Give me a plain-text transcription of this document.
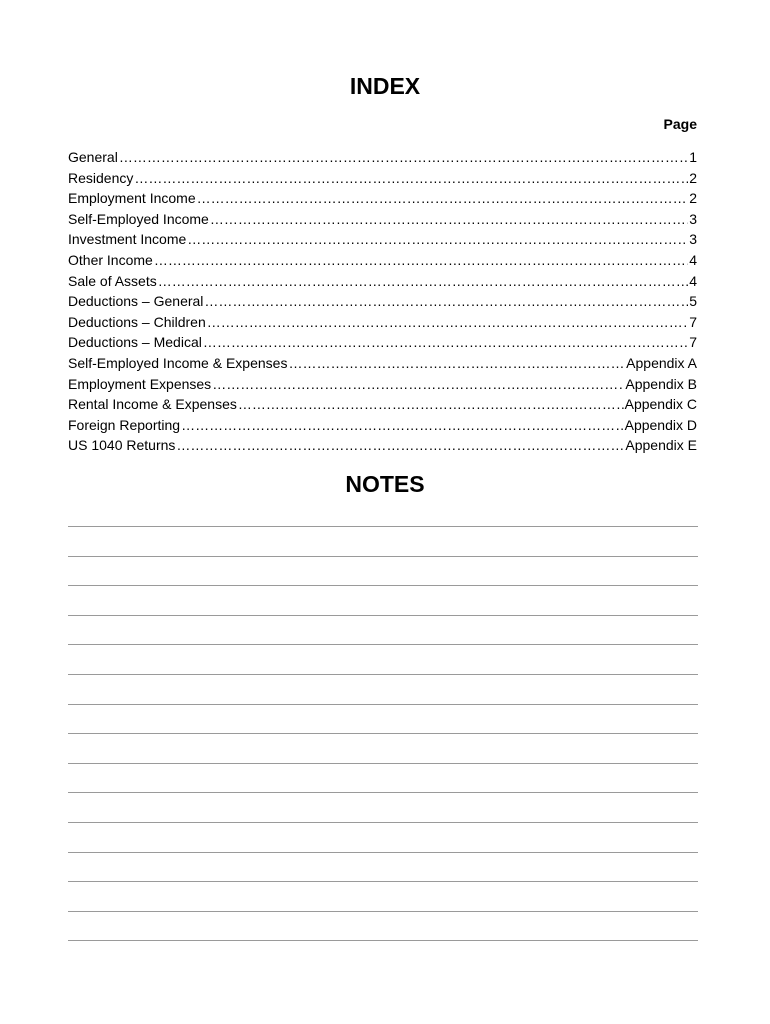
INDEX
Page
General …………………………………………………………………………………………………………………………………………………………………………………………………………	1
Residency …………………………………………………………………………………………………………………………………………………………………………………………………………	2
Employment Income …………………………………………………………………………………………………………………………………………………………………………………………………………	2
Self-Employed Income …………………………………………………………………………………………………………………………………………………………………………………………………………	3
Investment Income …………………………………………………………………………………………………………………………………………………………………………………………………………	3
Other Income …………………………………………………………………………………………………………………………………………………………………………………………………………	4
Sale of Assets …………………………………………………………………………………………………………………………………………………………………………………………………………	4
Deductions – General …………………………………………………………………………………………………………………………………………………………………………………………………………	5
Deductions – Children …………………………………………………………………………………………………………………………………………………………………………………………………………	7
Deductions – Medical …………………………………………………………………………………………………………………………………………………………………………………………………………	7
Self-Employed Income & Expenses …………………………………………………………………………………………………………………………………………………………………………………………………………	Appendix A
Employment Expenses …………………………………………………………………………………………………………………………………………………………………………………………………………	Appendix B
Rental Income & Expenses …………………………………………………………………………………………………………………………………………………………………………………………………………	Appendix C
Foreign Reporting …………………………………………………………………………………………………………………………………………………………………………………………………………	Appendix D
US 1040 Returns …………………………………………………………………………………………………………………………………………………………………………………………………………	Appendix E
NOTES
